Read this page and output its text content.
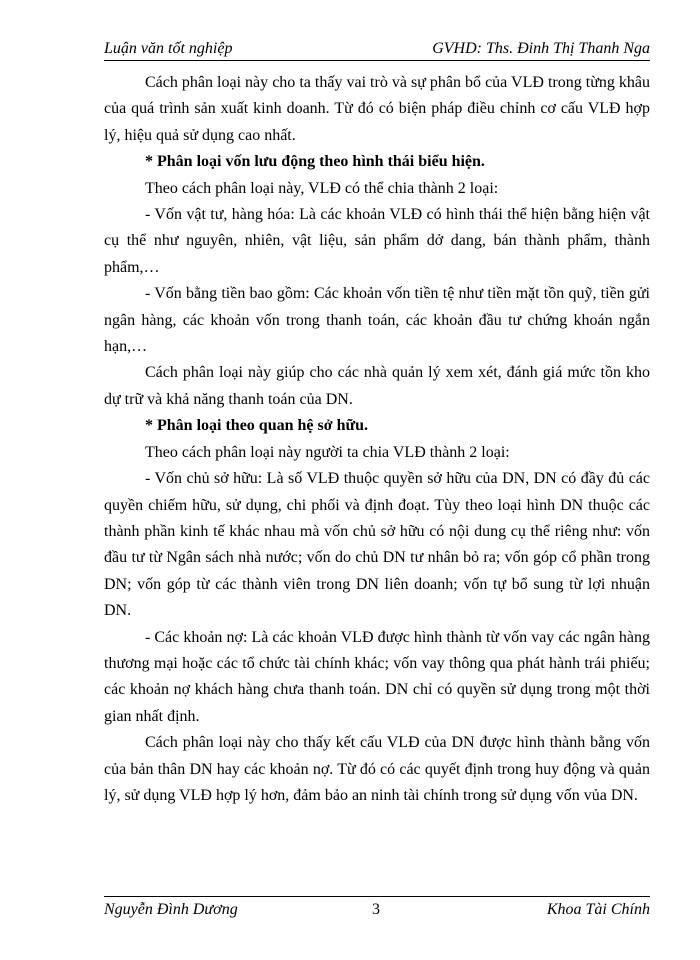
Luận văn tốt nghiệp	GVHD: Ths. Đinh Thị Thanh Nga

Cách phân loại này cho ta thấy vai trò và sự phân bổ của VLĐ trong từng khâu của quá trình sản xuất kinh doanh. Từ đó có biện pháp điều chỉnh cơ cấu VLĐ hợp lý, hiệu quả sử dụng cao nhất.

* Phân loại vốn lưu động theo hình thái biểu hiện.

Theo cách phân loại này, VLĐ có thể chia thành 2 loại:

- Vốn vật tư, hàng hóa: Là các khoản VLĐ có hình thái thể hiện bằng hiện vật cụ thể như nguyên, nhiên, vật liệu, sản phẩm dở dang, bán thành phẩm, thành phẩm,…

- Vốn bằng tiền bao gồm: Các khoản vốn tiền tệ như tiền mặt tồn quỹ, tiền gửi ngân hàng, các khoản vốn trong thanh toán, các khoản đầu tư chứng khoán ngắn hạn,…

Cách phân loại này giúp cho các nhà quản lý xem xét, đánh giá mức tồn kho dự trữ và khả năng thanh toán của DN.

* Phân loại theo quan hệ sở hữu.

Theo cách phân loại này người ta chia VLĐ thành 2 loại:

- Vốn chủ sở hữu: Là số VLĐ thuộc quyền sở hữu của DN, DN có đầy đủ các quyền chiếm hữu, sử dụng, chi phối và định đoạt. Tùy theo loại hình DN thuộc các thành phần kinh tế khác nhau mà vốn chủ sở hữu có nội dung cụ thể riêng như: vốn đầu tư từ Ngân sách nhà nước; vốn do chủ DN tư nhân bỏ ra; vốn góp cổ phần trong DN; vốn góp từ các thành viên trong DN liên doanh; vốn tự bổ sung từ lợi nhuận DN.

- Các khoản nợ: Là các khoản VLĐ được hình thành từ vốn vay các ngân hàng thương mại hoặc các tổ chức tài chính khác; vốn vay thông qua phát hành trái phiếu; các khoản nợ khách hàng chưa thanh toán. DN chỉ có quyền sử dụng trong một thời gian nhất định.

Cách phân loại này cho thấy kết cấu VLĐ của DN được hình thành bằng vốn của bản thân DN hay các khoản nợ. Từ đó có các quyết định trong huy động và quản lý, sử dụng VLĐ hợp lý hơn, đảm bảo an ninh tài chính trong sử dụng vốn vủa DN.

Nguyễn Đình Dương	3	Khoa Tài Chính
